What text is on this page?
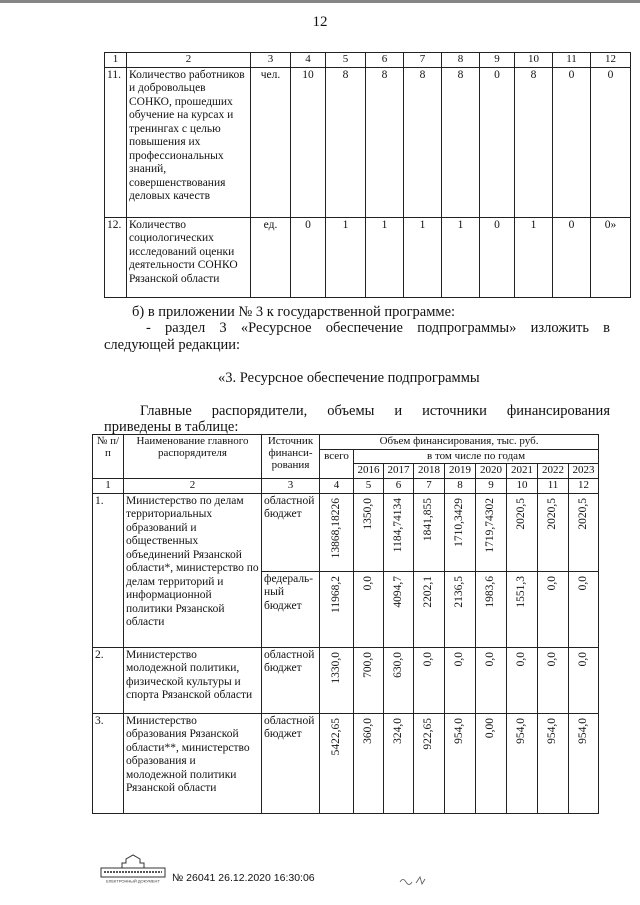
12
1	2	3	4	5	6	7	8	9	10	11	12
11.	Количество работников и добровольцев СОНКО, прошедших обучение на курсах и тренингах с целью повышения их профессиональных знаний, совершенствования деловых качеств	чел.	10	8	8	8	8	0	8	0	0
12.	Количество социологических исследований оценки деятельности СОНКО Рязанской области	ед.	0	1	1	1	1	0	1	0	0»
б) в приложении № 3 к государственной программе:
- раздел 3 «Ресурсное обеспечение подпрограммы» изложить в
следующей редакции:
«3. Ресурсное обеспечение подпрограммы
Главные распорядители, объемы и источники финансирования
приведены в таблице:
№ п/п	Наименование главного распорядителя	Источник финанси-рования	Объем финансирования, тыс. руб.								
			всего	в том числе по годам							
				2016	2017	2018	2019	2020	2021	2022	2023
1	2	3	4	5	6	7	8	9	10	11	12
1.	Министерство по делам территориальных образований и общественных объединений Рязанской области*, министерство по делам территорий и информационной политики Рязанской области	областной бюджет	13868,18226	1350,0	1184,74134	1841,855	1710,3429	1719,74302	2020,5	2020,5	2020,5

		федераль-ный бюджет	11968,2	0,0	4094,7	2202,1	2136,5	1983,6	1551,3	0,0	0,0

2.	Министерство молодежной политики, физической культуры и спорта Рязанской области	областной бюджет	1330,0	700,0	630,0	0,0	0,0	0,0	0,0	0,0	0,0

3.	Министерство образования Рязанской области**, министерство образования и молодежной политики Рязанской области	областной бюджет	5422,65	360,0	324,0	922,65	954,0	0,00	954,0	954,0	954,0
ЕЛЕКТРОННЫЙ ДОКУМЕНТ № 26041 26.12.2020 16:30:06
